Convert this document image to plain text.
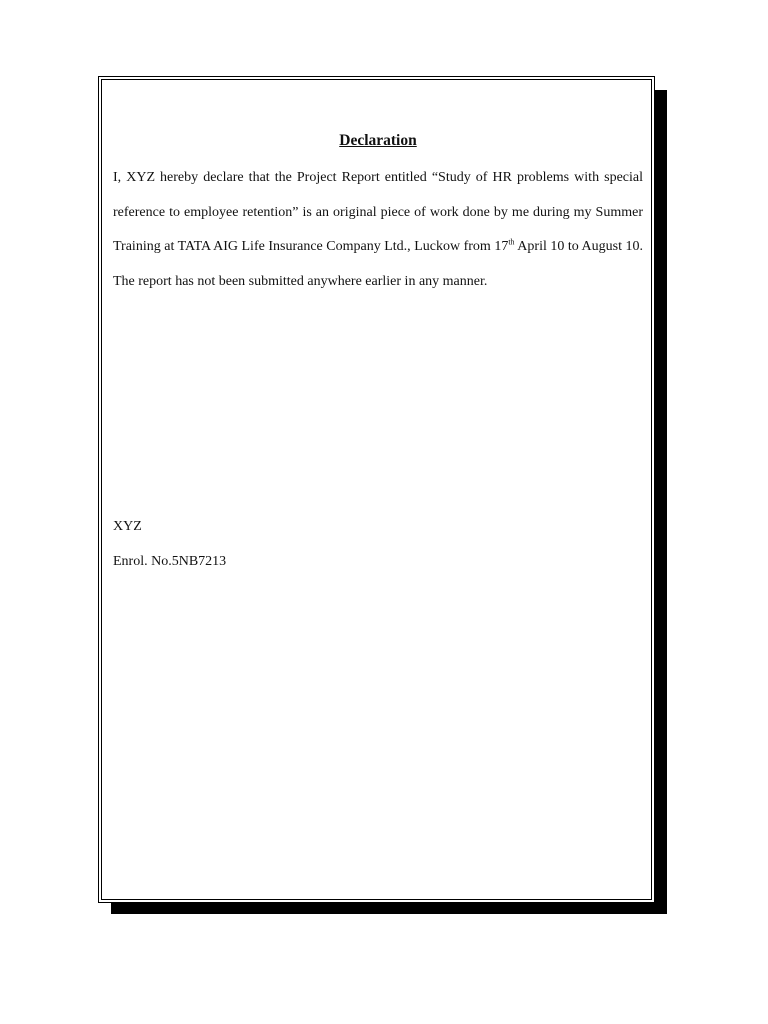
Declaration

I, XYZ hereby declare that the Project Report entitled “Study of HR problems with special reference to employee retention” is an original piece of work done by me during my Summer Training at TATA AIG Life Insurance Company Ltd., Luckow from 17th April 10 to August 10. The report has not been submitted anywhere earlier in any manner.

XYZ

Enrol. No.5NB7213
